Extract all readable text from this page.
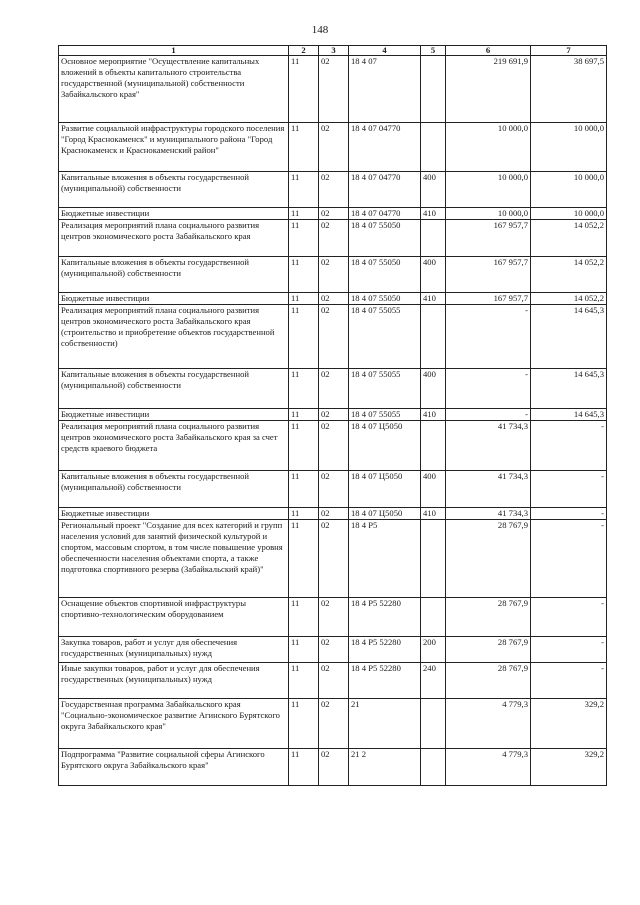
148
1	2	3	4	5	6	7
Основное мероприятие "Осуществление капитальных вложений в объекты капитального строительства государственной (муниципальной) собственности Забайкальского края"	11	02	18 4 07		219 691,9	38 697,5
Развитие социальной инфраструктуры городского поселения "Город Краснокаменск" и муниципального района "Город Краснокаменск и Краснокаменский район"	11	02	18 4 07 04770		10 000,0	10 000,0
Капитальные вложения в объекты государственной (муниципальной) собственности	11	02	18 4 07 04770	400	10 000,0	10 000,0
Бюджетные инвестиции	11	02	18 4 07 04770	410	10 000,0	10 000,0
Реализация мероприятий плана социального развития центров экономического роста Забайкальского края	11	02	18 4 07 55050		167 957,7	14 052,2
Капитальные вложения в объекты государственной (муниципальной) собственности	11	02	18 4 07 55050	400	167 957,7	14 052,2
Бюджетные инвестиции	11	02	18 4 07 55050	410	167 957,7	14 052,2
Реализация мероприятий плана социального развития центров экономического роста Забайкальского края (строительство и приобретение объектов государственной собственности)	11	02	18 4 07 55055		-	14 645,3
Капитальные вложения в объекты государственной (муниципальной) собственности	11	02	18 4 07 55055	400	-	14 645,3
Бюджетные инвестиции	11	02	18 4 07 55055	410	-	14 645,3
Реализация мероприятий плана социального развития центров экономического роста Забайкальского края за счет средств краевого бюджета	11	02	18 4 07 Ц5050		41 734,3	-
Капитальные вложения в объекты государственной (муниципальной) собственности	11	02	18 4 07 Ц5050	400	41 734,3	-
Бюджетные инвестиции	11	02	18 4 07 Ц5050	410	41 734,3	-
Региональный проект "Создание для всех категорий и групп населения условий для занятий физической культурой и спортом, массовым спортом, в том числе повышение уровня обеспеченности населения объектами спорта, а также подготовка спортивного резерва (Забайкальский край)"	11	02	18 4 P5		28 767,9	-
Оснащение объектов спортивной инфраструктуры спортивно-технологическим оборудованием	11	02	18 4 P5 52280		28 767,9	-
Закупка товаров, работ и услуг для обеспечения государственных (муниципальных) нужд	11	02	18 4 P5 52280	200	28 767,9	-
Иные закупки товаров, работ и услуг для обеспечения государственных (муниципальных) нужд	11	02	18 4 P5 52280	240	28 767,9	-
Государственная программа Забайкальского края "Социально-экономическое развитие Агинского Бурятского округа Забайкальского края"	11	02	21		4 779,3	329,2
Подпрограмма "Развитие социальной сферы Агинского Бурятского округа Забайкальского края"	11	02	21 2		4 779,3	329,2
